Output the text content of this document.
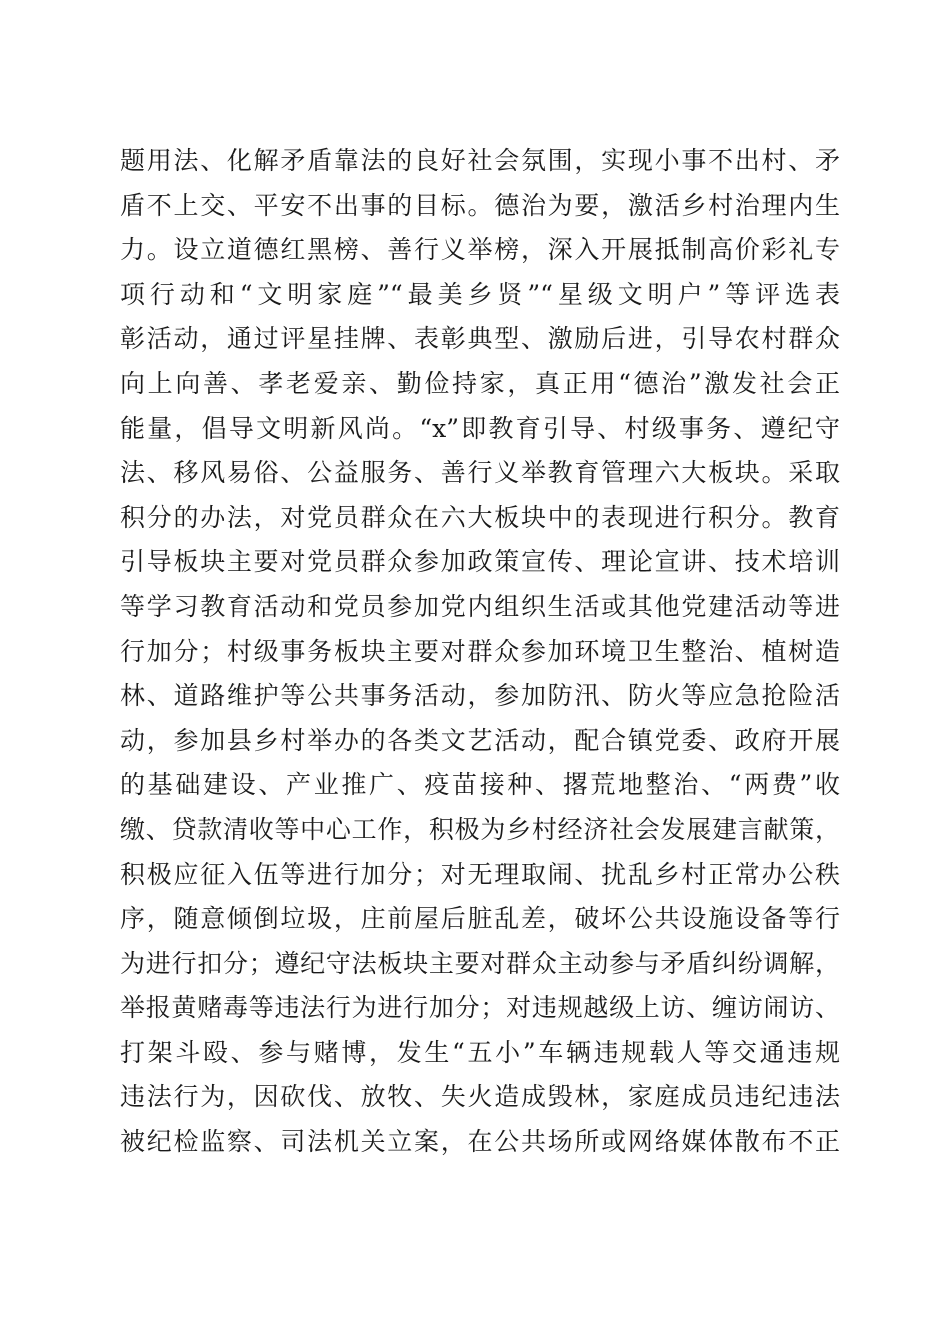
题用法、化解矛盾靠法的良好社会氛围，实现小事不出村、矛
盾不上交、平安不出事的目标。德治为要，激活乡村治理内生
力。设立道德红黑榜、善行义举榜，深入开展抵制高价彩礼专
项行动和“文明家庭”“最美乡贤”“星级文明户”等评选表
彰活动，通过评星挂牌、表彰典型、激励后进，引导农村群众
向上向善、孝老爱亲、勤俭持家，真正用“德治”激发社会正
能量，倡导文明新风尚。“x”即教育引导、村级事务、遵纪守
法、移风易俗、公益服务、善行义举教育管理六大板块。采取
积分的办法，对党员群众在六大板块中的表现进行积分。教育
引导板块主要对党员群众参加政策宣传、理论宣讲、技术培训
等学习教育活动和党员参加党内组织生活或其他党建活动等进
行加分；村级事务板块主要对群众参加环境卫生整治、植树造
林、道路维护等公共事务活动，参加防汛、防火等应急抢险活
动，参加县乡村举办的各类文艺活动，配合镇党委、政府开展
的基础建设、产业推广、疫苗接种、撂荒地整治、“两费”收
缴、贷款清收等中心工作，积极为乡村经济社会发展建言献策，
积极应征入伍等进行加分；对无理取闹、扰乱乡村正常办公秩
序，随意倾倒垃圾，庄前屋后脏乱差，破坏公共设施设备等行
为进行扣分；遵纪守法板块主要对群众主动参与矛盾纠纷调解，
举报黄赌毒等违法行为进行加分；对违规越级上访、缠访闹访、
打架斗殴、参与赌博，发生“五小”车辆违规载人等交通违规
违法行为，因砍伐、放牧、失火造成毁林，家庭成员违纪违法
被纪检监察、司法机关立案，在公共场所或网络媒体散布不正
